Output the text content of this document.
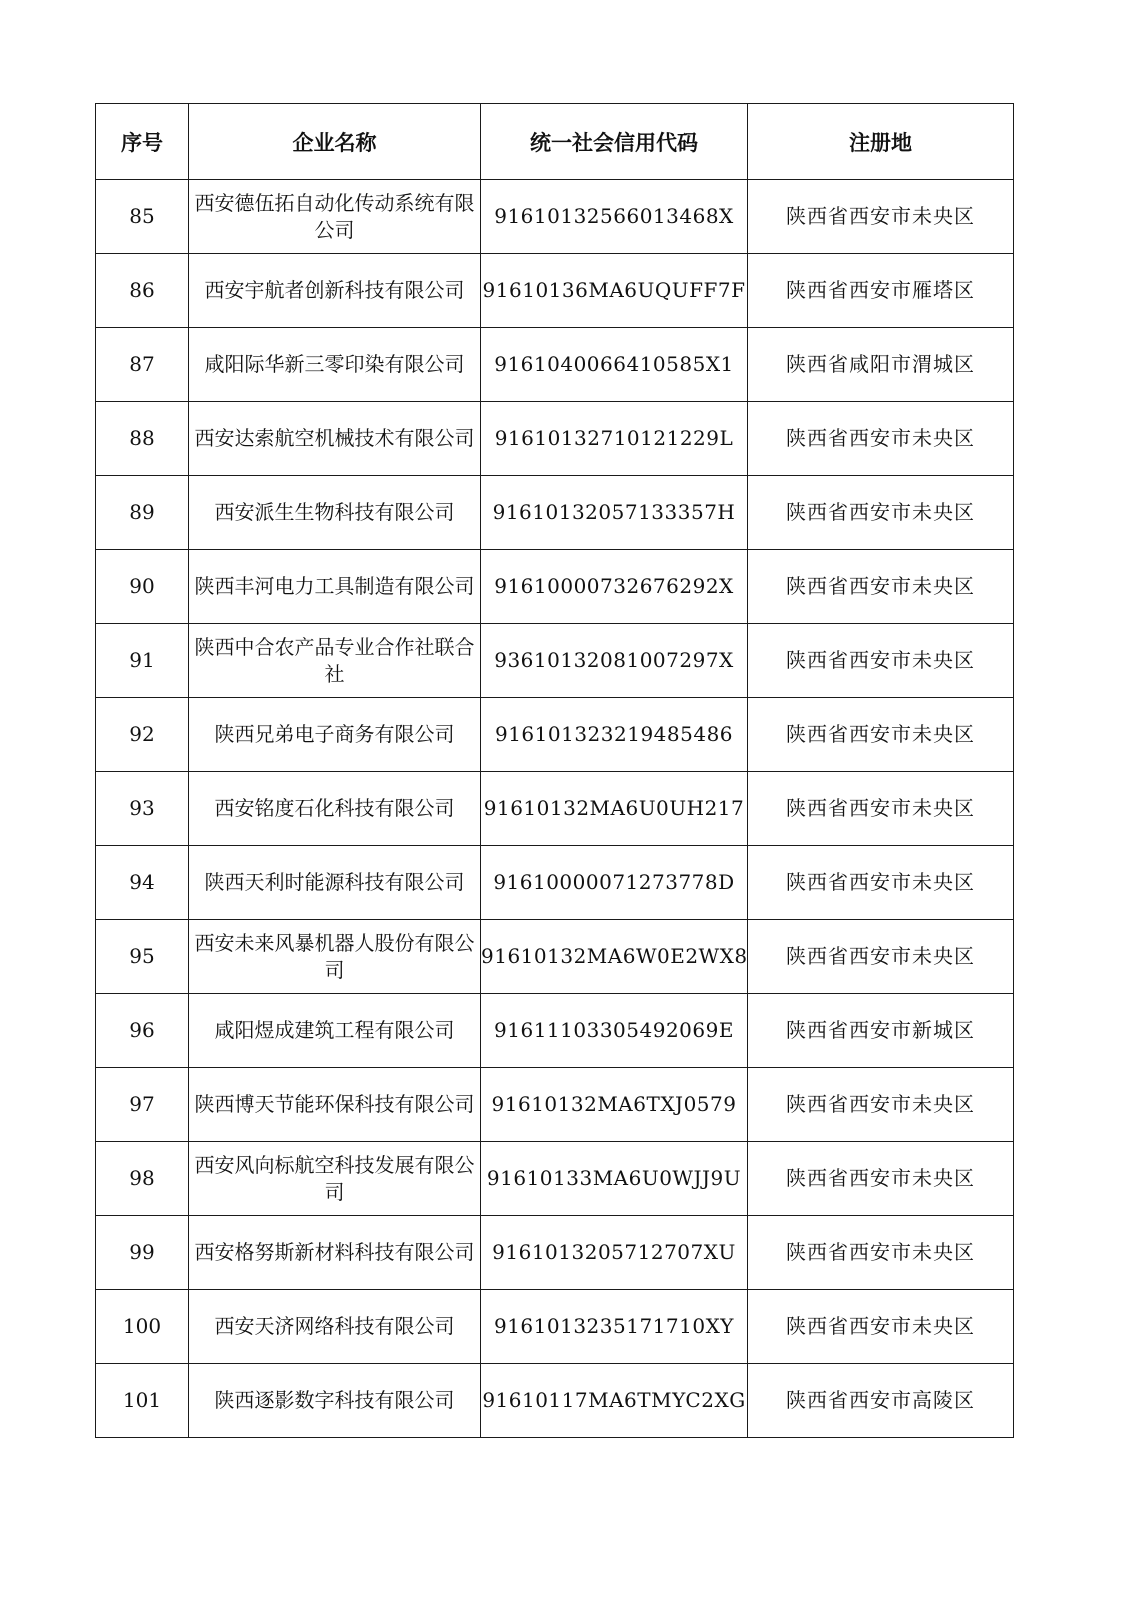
序号	企业名称	统一社会信用代码	注册地
85	西安德伍拓自动化传动系统有限公司	91610132566013468X	陕西省西安市未央区
86	西安宇航者创新科技有限公司	91610136MA6UQUFF7F	陕西省西安市雁塔区
87	咸阳际华新三零印染有限公司	9161040066410585X1	陕西省咸阳市渭城区
88	西安达索航空机械技术有限公司	91610132710121229L	陕西省西安市未央区
89	西安派生生物科技有限公司	91610132057133357H	陕西省西安市未央区
90	陕西丰河电力工具制造有限公司	91610000732676292X	陕西省西安市未央区
91	陕西中合农产品专业合作社联合社	93610132081007297X	陕西省西安市未央区
92	陕西兄弟电子商务有限公司	916101323219485486	陕西省西安市未央区
93	西安铭度石化科技有限公司	91610132MA6U0UH217	陕西省西安市未央区
94	陕西天利时能源科技有限公司	91610000071273778D	陕西省西安市未央区
95	西安未来风暴机器人股份有限公司	91610132MA6W0E2WX8	陕西省西安市未央区
96	咸阳煜成建筑工程有限公司	91611103305492069E	陕西省西安市新城区
97	陕西博天节能环保科技有限公司	91610132MA6TXJ0579	陕西省西安市未央区
98	西安风向标航空科技发展有限公司	91610133MA6U0WJJ9U	陕西省西安市未央区
99	西安格努斯新材料科技有限公司	9161013205712707XU	陕西省西安市未央区
100	西安天济网络科技有限公司	9161013235171710XY	陕西省西安市未央区
101	陕西逐影数字科技有限公司	91610117MA6TMYC2XG	陕西省西安市高陵区
